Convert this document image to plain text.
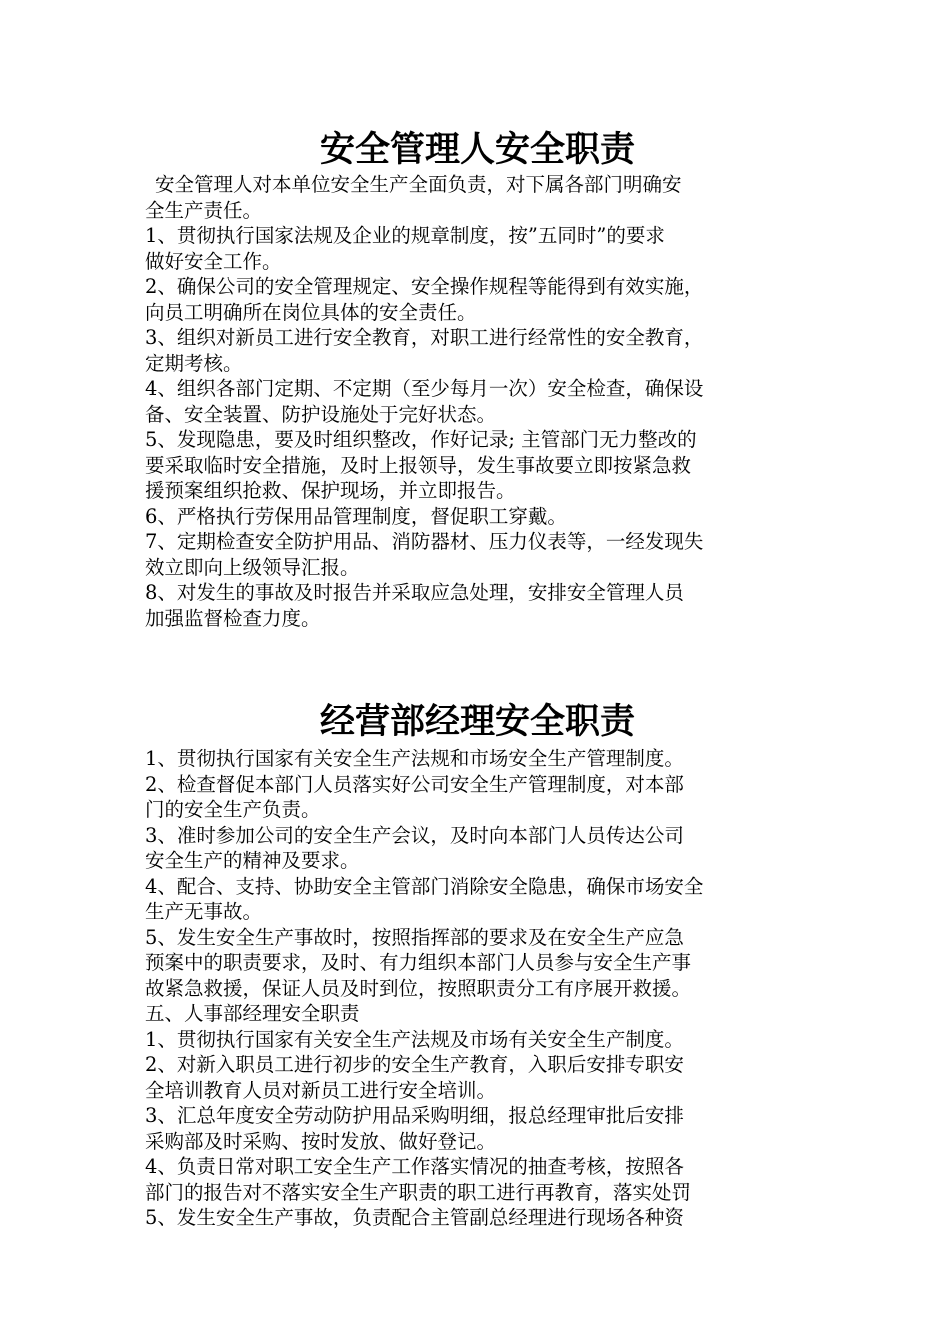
安全管理人安全职责
安全管理人对本单位安全生产全面负责，对下属各部门明确安
全生产责任。
1、贯彻执行国家法规及企业的规章制度，按”五同时”的要求
做好安全工作。
2、确保公司的安全管理规定、安全操作规程等能得到有效实施，
向员工明确所在岗位具体的安全责任。
3、组织对新员工进行安全教育，对职工进行经常性的安全教育，
定期考核。
4、组织各部门定期、不定期（至少每月一次）安全检查，确保设
备、安全装置、防护设施处于完好状态。
5、发现隐患，要及时组织整改，作好记录; 主管部门无力整改的
要采取临时安全措施，及时上报领导，发生事故要立即按紧急救
援预案组织抢救、保护现场，并立即报告。
6、严格执行劳保用品管理制度，督促职工穿戴。
7、定期检查安全防护用品、消防器材、压力仪表等，一经发现失
效立即向上级领导汇报。
8、对发生的事故及时报告并采取应急处理，安排安全管理人员
加强监督检查力度。
经营部经理安全职责
1、贯彻执行国家有关安全生产法规和市场安全生产管理制度。
2、检查督促本部门人员落实好公司安全生产管理制度，对本部
门的安全生产负责。
3、准时参加公司的安全生产会议，及时向本部门人员传达公司
安全生产的精神及要求。
4、配合、支持、协助安全主管部门消除安全隐患，确保市场安全
生产无事故。
5、发生安全生产事故时，按照指挥部的要求及在安全生产应急
预案中的职责要求，及时、有力组织本部门人员参与安全生产事
故紧急救援，保证人员及时到位，按照职责分工有序展开救援。
五、人事部经理安全职责
1、贯彻执行国家有关安全生产法规及市场有关安全生产制度。
2、对新入职员工进行初步的安全生产教育，入职后安排专职安
全培训教育人员对新员工进行安全培训。
3、汇总年度安全劳动防护用品采购明细，报总经理审批后安排
采购部及时采购、按时发放、做好登记。
4、负责日常对职工安全生产工作落实情况的抽查考核，按照各
部门的报告对不落实安全生产职责的职工进行再教育，落实处罚
5、发生安全生产事故，负责配合主管副总经理进行现场各种资
